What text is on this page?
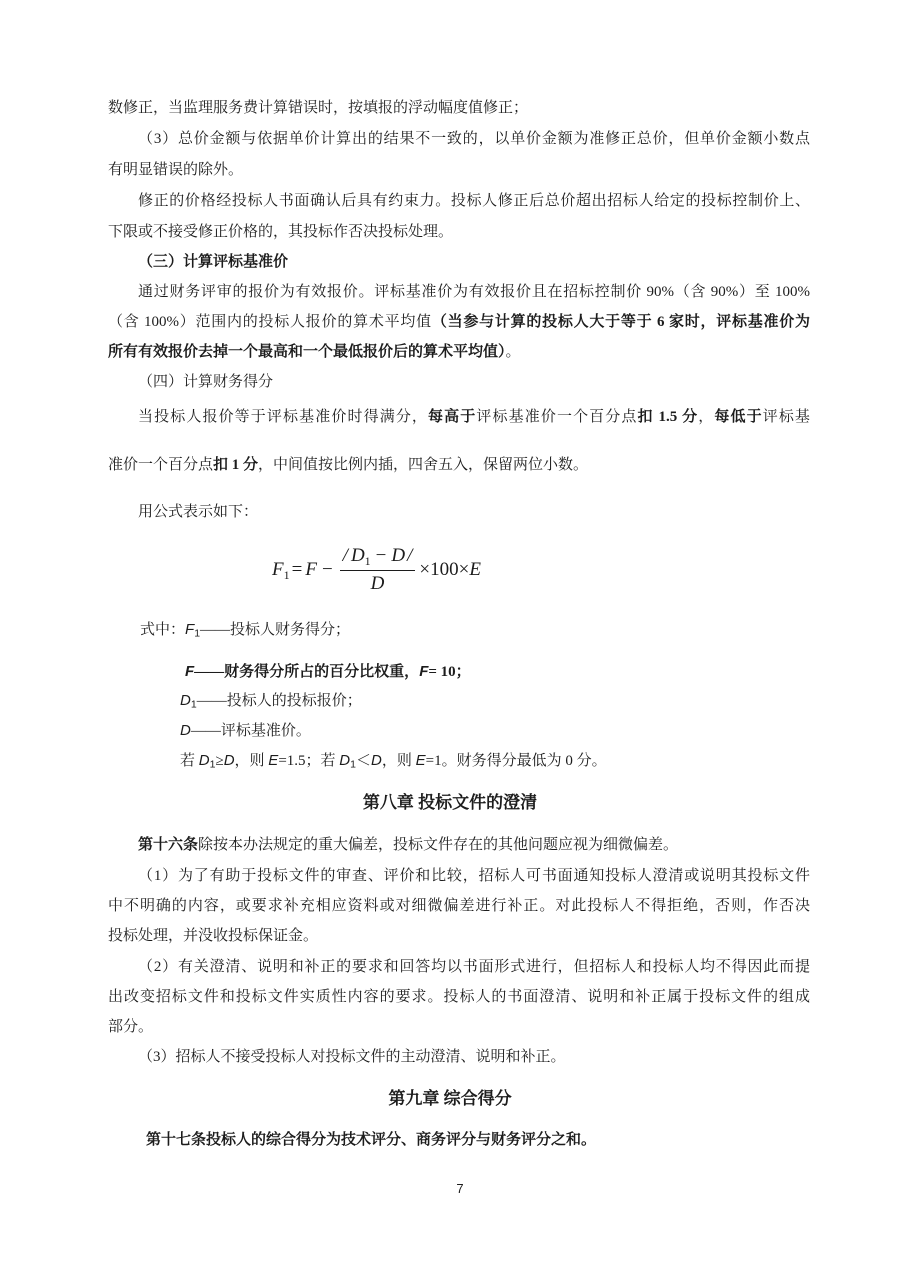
数修正，当监理服务费计算错误时，按填报的浮动幅度值修正；
（3）总价金额与依据单价计算出的结果不一致的，以单价金额为准修正总价，但单价金额小数点
有明显错误的除外。
修正的价格经投标人书面确认后具有约束力。投标人修正后总价超出招标人给定的投标控制价上、
下限或不接受修正价格的，其投标作否决投标处理。
（三）计算评标基准价
通过财务评审的报价为有效报价。评标基准价为有效报价且在招标控制价 90%（含 90%）至 100%
（含 100%）范围内的投标人报价的算术平均值（当参与计算的投标人大于等于 6 家时，评标基准价为
所有有效报价去掉一个最高和一个最低报价后的算术平均值）。
（四）计算财务得分
当投标人报价等于评标基准价时得满分，每高于评标基准价一个百分点扣 1.5 分，每低于评标基
准价一个百分点扣 1 分，中间值按比例内插，四舍五入，保留两位小数。
用公式表示如下：
$F_1 = F - \frac{/ D_1 - D /}{D} \times 100 \times E$
式中：$F_1——$投标人财务得分；
F——财务得分所占的百分比权重，F= 10；
$D_1——$投标人的投标报价；
D——评标基准价。
若 $D_1\ge D$，则 E=1.5；若 $D_1<D$，则 E=1。财务得分最低为 0 分。
第八章 投标文件的澄清
第十六条除按本办法规定的重大偏差，投标文件存在的其他问题应视为细微偏差。
（1）为了有助于投标文件的审查、评价和比较，招标人可书面通知投标人澄清或说明其投标文件
中不明确的内容，或要求补充相应资料或对细微偏差进行补正。对此投标人不得拒绝，否则，作否决
投标处理，并没收投标保证金。
（2）有关澄清、说明和补正的要求和回答均以书面形式进行，但招标人和投标人均不得因此而提
出改变招标文件和投标文件实质性内容的要求。投标人的书面澄清、说明和补正属于投标文件的组成
部分。
（3）招标人不接受投标人对投标文件的主动澄清、说明和补正。
第九章 综合得分
第十七条投标人的综合得分为技术评分、商务评分与财务评分之和。
7
